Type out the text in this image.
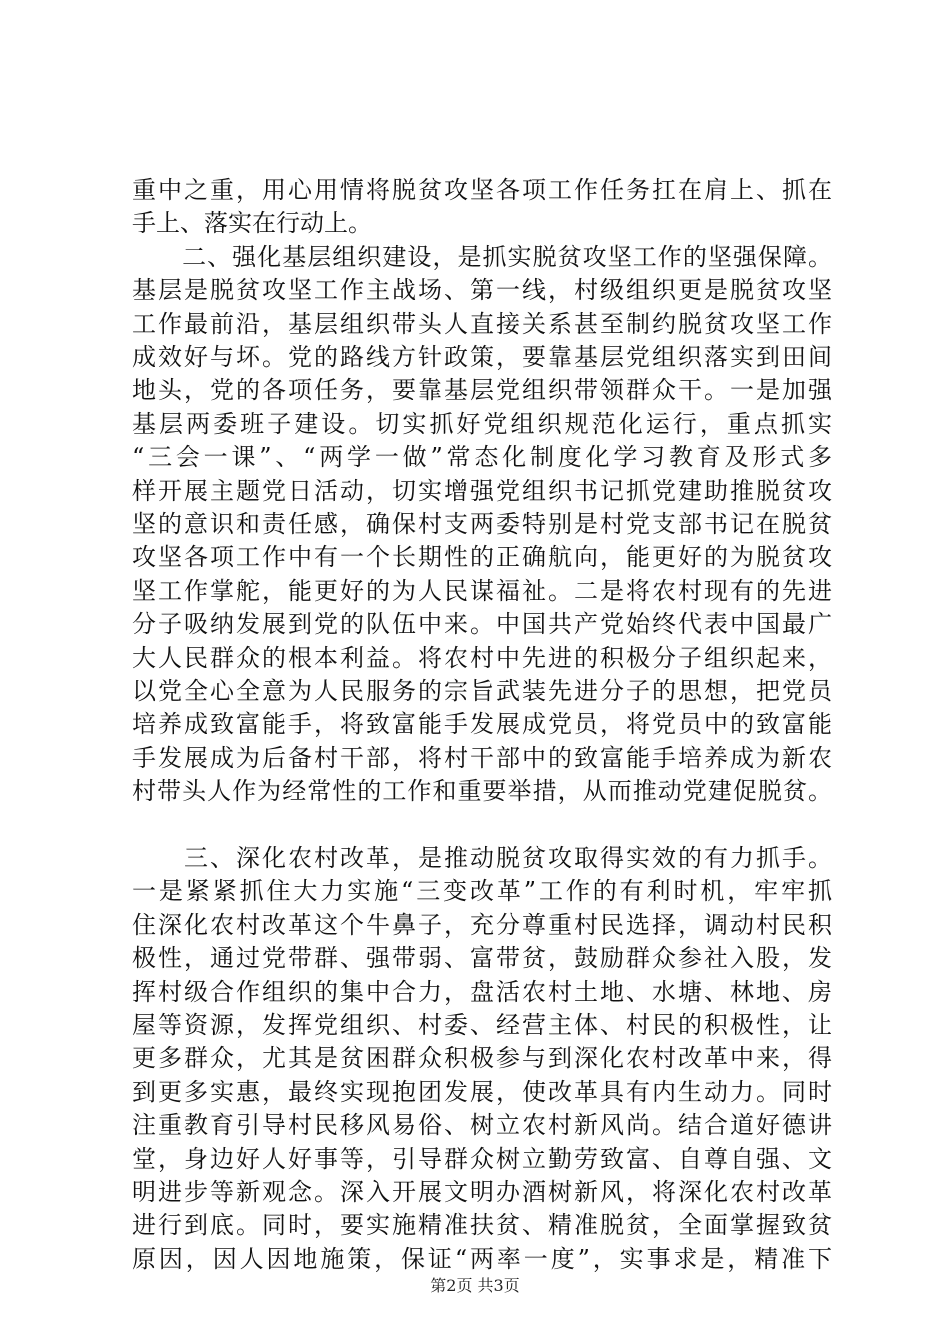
重中之重，用心用情将脱贫攻坚各项工作任务扛在肩上、抓在
手上、落实在行动上。
　　二、强化基层组织建设，是抓实脱贫攻坚工作的坚强保障。
基层是脱贫攻坚工作主战场、第一线，村级组织更是脱贫攻坚
工作最前沿，基层组织带头人直接关系甚至制约脱贫攻坚工作
成效好与坏。党的路线方针政策，要靠基层党组织落实到田间
地头，党的各项任务，要靠基层党组织带领群众干。一是加强
基层两委班子建设。切实抓好党组织规范化运行，重点抓实
“三会一课”、“两学一做”常态化制度化学习教育及形式多
样开展主题党日活动，切实增强党组织书记抓党建助推脱贫攻
坚的意识和责任感，确保村支两委特别是村党支部书记在脱贫
攻坚各项工作中有一个长期性的正确航向，能更好的为脱贫攻
坚工作掌舵，能更好的为人民谋福祉。二是将农村现有的先进
分子吸纳发展到党的队伍中来。中国共产党始终代表中国最广
大人民群众的根本利益。将农村中先进的积极分子组织起来，
以党全心全意为人民服务的宗旨武装先进分子的思想，把党员
培养成致富能手，将致富能手发展成党员，将党员中的致富能
手发展成为后备村干部，将村干部中的致富能手培养成为新农
村带头人作为经常性的工作和重要举措，从而推动党建促脱贫。
　　三、深化农村改革，是推动脱贫攻取得实效的有力抓手。
一是紧紧抓住大力实施“三变改革”工作的有利时机，牢牢抓
住深化农村改革这个牛鼻子，充分尊重村民选择，调动村民积
极性，通过党带群、强带弱、富带贫，鼓励群众参社入股，发
挥村级合作组织的集中合力，盘活农村土地、水塘、林地、房
屋等资源，发挥党组织、村委、经营主体、村民的积极性，让
更多群众，尤其是贫困群众积极参与到深化农村改革中来，得
到更多实惠，最终实现抱团发展，使改革具有内生动力。同时
注重教育引导村民移风易俗、树立农村新风尚。结合道好德讲
堂，身边好人好事等，引导群众树立勤劳致富、自尊自强、文
明进步等新观念。深入开展文明办酒树新风，将深化农村改革
进行到底。同时，要实施精准扶贫、精准脱贫，全面掌握致贫
原因，因人因地施策，保证“两率一度”，实事求是，精准下
第2页 共3页
